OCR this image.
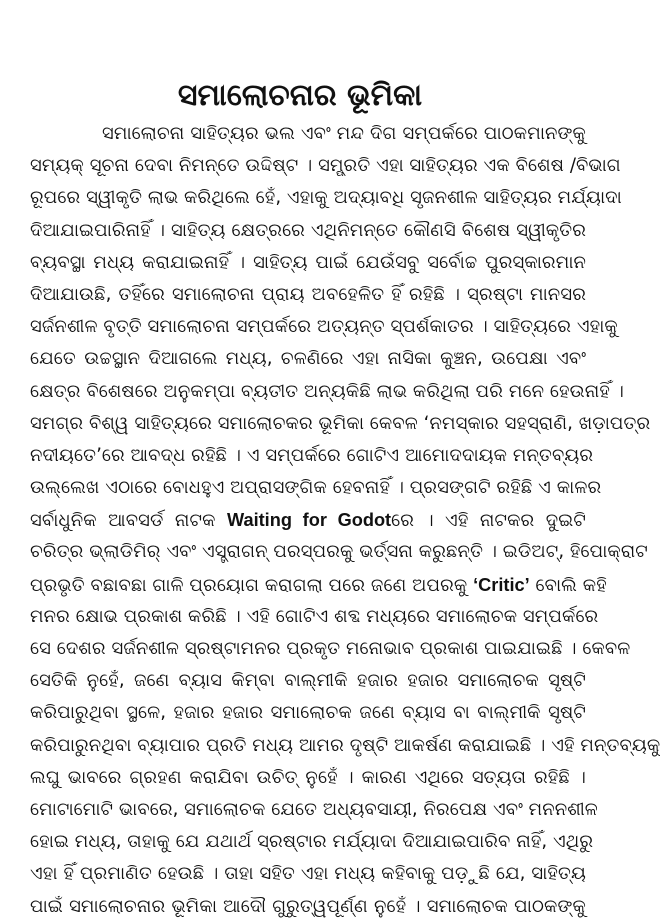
ସମାଲୋଚନାର ଭୂମିକା
ସମାଲୋଚନା ସାହିତ୍ୟର ଭଲ ଏବଂ ମନ୍ଦ ଦିଗ ସମ୍ପର୍କରେ ପାଠକମାନଙ୍କୁ
ସମ୍ୟକ୍ ସୂଚନା ଦେବା ନିମନ୍ତେ ଉଦ୍ଦିଷ୍ଟ । ସମ୍ପ୍ରତି ଏହା ସାହିତ୍ୟର ଏକ ବିଶେଷ /ବିଭାଗ
ରୂପରେ ସ୍ୱୀକୃତି ଲାଭ କରିଥିଲେ ହେଁ, ଏହାକୁ ଅଦ୍ୟାବଧି ସୃଜନଶୀଳ ସାହିତ୍ୟର ମର୍ଯ୍ୟାଦା
ଦିଆଯାଇପାରିନାହିଁ । ସାହିତ୍ୟ କ୍ଷେତ୍ରରେ ଏଥିନିମନ୍ତେ କୌଣସି ବିଶେଷ ସ୍ୱୀକୃତିର
ବ୍ୟବସ୍ଥା ମଧ୍ୟ କରାଯାଇନାହିଁ । ସାହିତ୍ୟ ପାଇଁ ଯେଉଁସବୁ ସର୍ବୋଚ୍ଚ ପୁରସ୍କାରମାନ
ଦିଆଯାଉଛି, ତହିଁରେ ସମାଲୋଚନା ପ୍ରାୟ ଅବହେଳିତ ହିଁ ରହିଛି । ସ୍ରଷ୍ଟା ମାନସର
ସର୍ଜନଶୀଳ ବୃତ୍ତି ସମାଲୋଚନା ସମ୍ପର୍କରେ ଅତ୍ୟନ୍ତ ସ୍ପର୍ଶକାତର । ସାହିତ୍ୟରେ ଏହାକୁ
ଯେତେ ଉଚ୍ଚସ୍ଥାନ ଦିଆଗଲେ ମଧ୍ୟ, ଚଳଣିରେ ଏହା ନାସିକା କୁଞ୍ଚନ, ଉପେକ୍ଷା ଏବଂ
କ୍ଷେତ୍ର ବିଶେଷରେ ଅନୁକମ୍ପା ବ୍ୟତୀତ ଅନ୍ୟକିଛି ଲାଭ କରିଥିଲା ପରି ମନେ ହେଉନାହିଁ ।
ସମଗ୍ର ବିଶ୍ୱ ସାହିତ୍ୟରେ ସମାଲୋଚକର ଭୂମିକା କେବଳ ‘ନମସ୍କାର ସହସ୍ରାଣି, ଖଡ଼ାପତ୍ର
ନଦୀୟତେ’ରେ ଆବଦ୍ଧ ରହିଛି । ଏ ସମ୍ପର୍କରେ ଗୋଟିଏ ଆମୋଦଦାୟକ ମନ୍ତବ୍ୟର
ଉଲ୍ଲେଖ ଏଠାରେ ବୋଧହୁଏ ଅପ୍ରାସଙ୍ଗିକ ହେବନାହିଁ । ପ୍ରସଙ୍ଗଟି ରହିଛି ଏ କାଳର
ସର୍ବାଧୁନିକ ଆବସର୍ଡ ନାଟକ Waiting for Godotରେ । ଏହି ନାଟକର ଦୁଇଟି
ଚରିତ୍ର ଭ୍ଲାଡିମିର୍ ଏବଂ ଏସ୍ତ୍ରାଗନ୍ ପରସ୍ପରକୁ ଭର୍ତ୍ସନା କରୁଛନ୍ତି । ଇଡିଅଟ୍, ହିପୋକ୍ରାଟ
ପ୍ରଭୃତି ବଛାବଛା ଗାଳି ପ୍ରୟୋଗ କରାଗଲା ପରେ ଜଣେ ଅପରକୁ ‘Critic’ ବୋଲି କହି
ମନର କ୍ଷୋଭ ପ୍ରକାଶ କରିଛି । ଏହି ଗୋଟିଏ ଶବ୍ଦ ମଧ୍ୟରେ ସମାଲୋଚକ ସମ୍ପର୍କରେ
ସେ ଦେଶର ସର୍ଜନଶୀଳ ସ୍ରଷ୍ଟାମନର ପ୍ରକୃତ ମନୋଭାବ ପ୍ରକାଶ ପାଇଯାଇଛି । କେବଳ
ସେତିକି ନୁହେଁ, ଜଣେ ବ୍ୟାସ କିମ୍ବା ବାଲ୍ମୀକି ହଜାର ହଜାର ସମାଲୋଚକ ସୃଷ୍ଟି
କରିପାରୁଥିବା ସ୍ଥଳେ, ହଜାର ହଜାର ସମାଲୋଚକ ଜଣେ ବ୍ୟାସ ବା ବାଲ୍ମୀକି ସୃଷ୍ଟି
କରିପାରୁନଥିବା ବ୍ୟାପାର ପ୍ରତି ମଧ୍ୟ ଆମର ଦୃଷ୍ଟି ଆକର୍ଷଣ କରାଯାଇଛି । ଏହି ମନ୍ତବ୍ୟକୁ
ଲଘୁ ଭାବରେ ଗ୍ରହଣ କରାଯିବା ଉଚିତ୍ ନୁହେଁ । କାରଣ ଏଥିରେ ସତ୍ୟତା ରହିଛି ।
ମୋଟାମୋଟି ଭାବରେ, ସମାଲୋଚକ ଯେତେ ଅଧ୍ୟବସାୟୀ, ନିରପେକ୍ଷ ଏବଂ ମନନଶୀଳ
ହୋଇ ମଧ୍ୟ, ତାହାକୁ ଯେ ଯଥାର୍ଥ ସ୍ରଷ୍ଟାର ମର୍ଯ୍ୟାଦା ଦିଆଯାଇପାରିବ ନାହିଁ, ଏଥିରୁ
ଏହା ହିଁ ପ୍ରମାଣିତ ହେଉଛି । ତାହା ସହିତ ଏହା ମଧ୍ୟ କହିବାକୁ ପଡ଼ୁଛି ଯେ, ସାହିତ୍ୟ
ପାଇଁ ସମାଲୋଚନାର ଭୂମିକା ଆଦୌ ଗୁରୁତ୍ୱପୂର୍ଣ୍ଣ ନୁହେଁ । ସମାଲୋଚକ ପାଠକଙ୍କୁ
